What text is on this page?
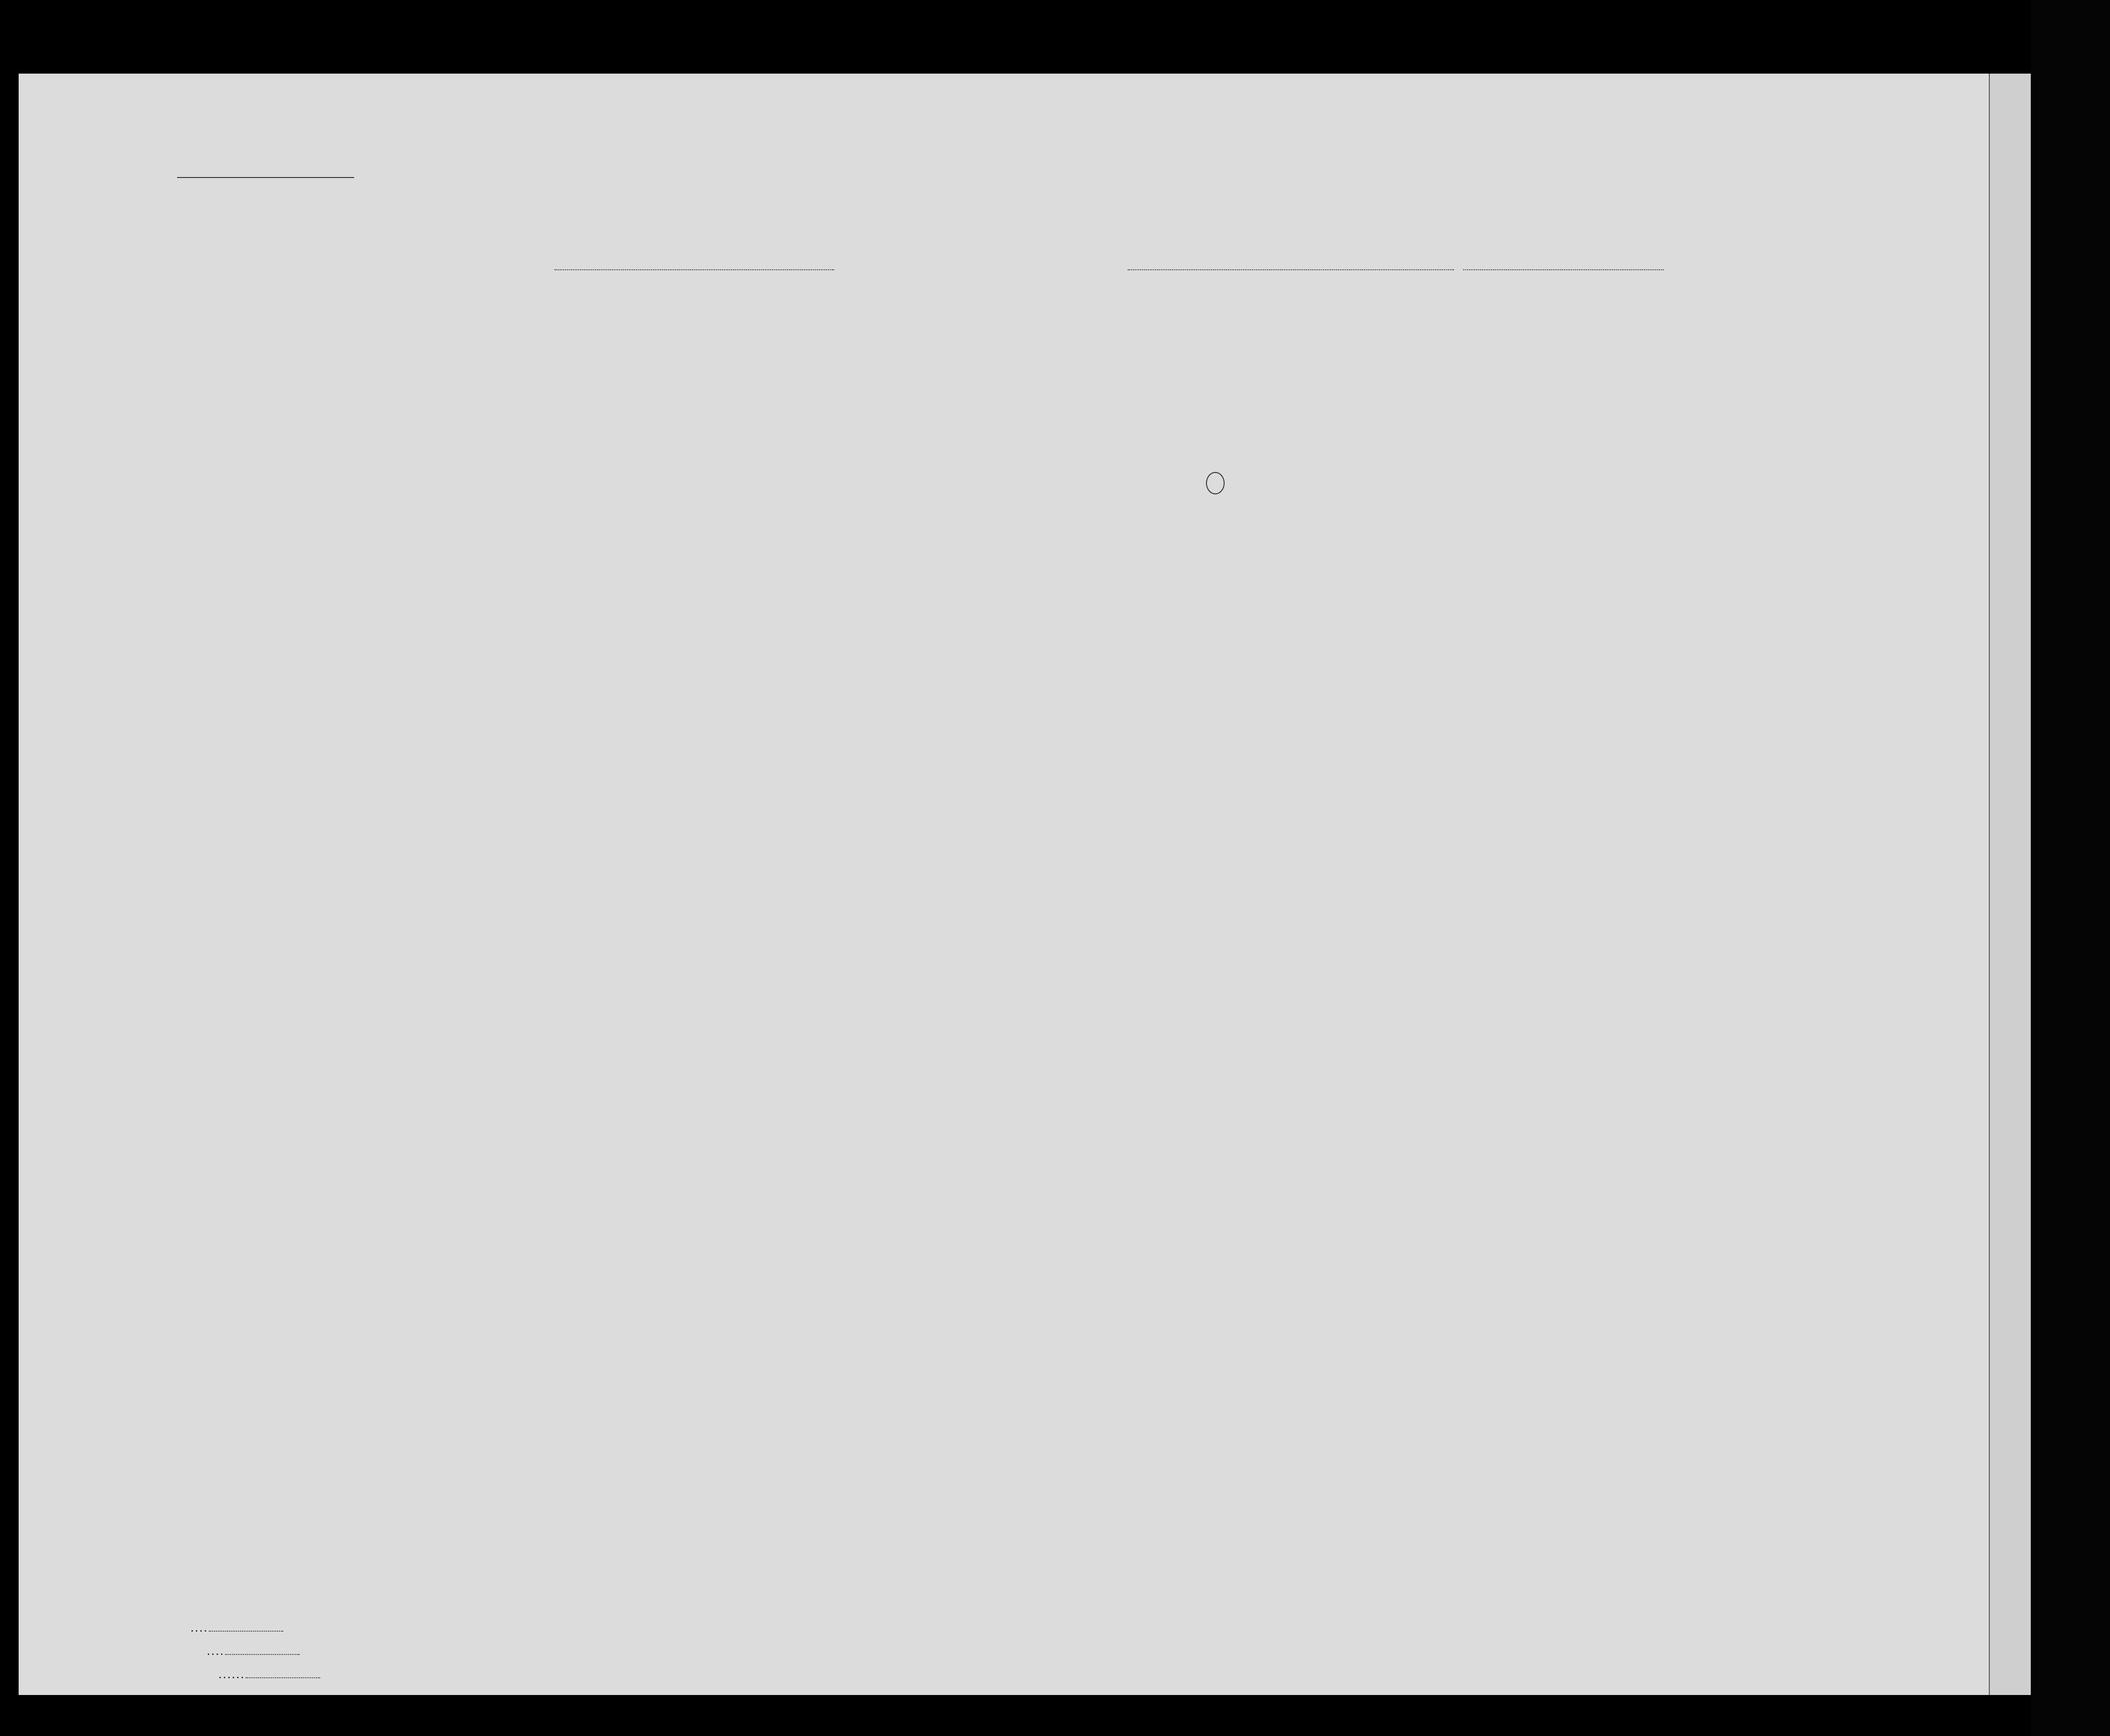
. . . .
. . . .
. . . . . .
